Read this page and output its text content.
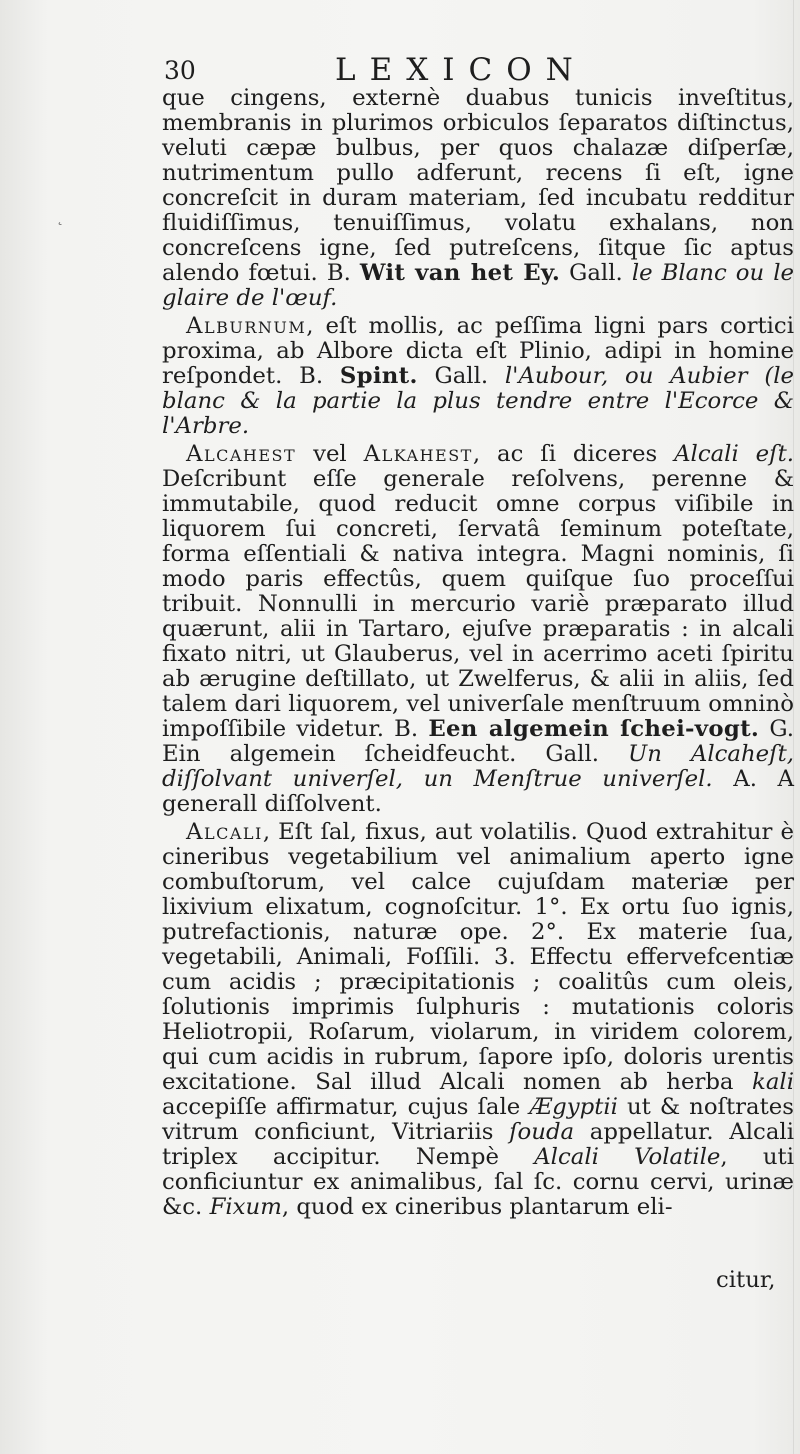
30	LEXICON
˛

que cingens, externè duabus tunicis inveſtitus, membranis in plurimos orbiculos ſeparatos diſtinctus, veluti cæpæ bulbus, per quos chalazæ diſperſæ, nutrimentum pullo adferunt, recens ſi eſt, igne concreſcit in duram materiam, ſed incubatu redditur fluidiſſimus, tenuiſſimus, volatu exhalans, non concreſcens igne, ſed putreſcens, ſitque ſic aptus alendo fœtui. B. Wit van het Ey. Gall. le Blanc ou le glaire de l'œuf.

Alburnum, eſt mollis, ac peſſima ligni pars cortici proxima, ab Albore dicta eſt Plinio, adipi in homine reſpondet. B. Spint. Gall. l'Aubour, ou Aubier (le blanc & la partie la plus tendre entre l'Ecorce & l'Arbre.

Alcahest vel Alkahest, ac ſi diceres Alcali eſt. Deſcribunt eſſe generale reſolvens, perenne & immutabile, quod reducit omne corpus viſibile in liquorem ſui concreti, ſervatâ ſeminum poteſtate, forma eſſentiali & nativa integra. Magni nominis, ſi modo paris effectûs, quem quiſque ſuo proceſſui tribuit. Nonnulli in mercurio variè præparato illud quærunt, alii in Tartaro, ejuſve præparatis : in alcali fixato nitri, ut Glauberus, vel in acerrimo aceti ſpiritu ab ærugine deſtillato, ut Zwelferus, & alii in aliis, ſed talem dari liquorem, vel univerſale menſtruum omninò impoſſibile videtur. B. Een algemein ſchei-vogt. G. Ein algemein ſcheidfeucht. Gall. Un Alcaheſt, diſſolvant univerſel, un Menſtrue univerſel. A. A generall diſſolvent.

Alcali, Eſt ſal, fixus, aut volatilis. Quod extrahitur è cineribus vegetabilium vel animalium aperto igne combuſtorum, vel calce cujuſdam materiæ per lixivium elixatum, cognoſcitur. 1°. Ex ortu ſuo ignis, putrefactionis, naturæ ope. 2°. Ex materie ſua, vegetabili, Animali, Foſſili. 3. Effectu effervefcentiæ cum acidis ; præcipitationis ; coalitûs cum oleis, ſolutionis imprimis ſulphuris : mutationis coloris Heliotropii, Roſarum, violarum, in viridem colorem, qui cum acidis in rubrum, ſapore ipſo, doloris urentis excitatione. Sal illud Alcali nomen ab herba kali accepiſſe affirmatur, cujus ſale Ægyptii ut & noſtrates vitrum conficiunt, Vitriariis ſouda appellatur. Alcali triplex accipitur. Nempè Alcali Volatile, uti conficiuntur ex animalibus, ſal ſc. cornu cervi, urinæ &c. Fixum, quod ex cineribus plantarum eli-

citur,
